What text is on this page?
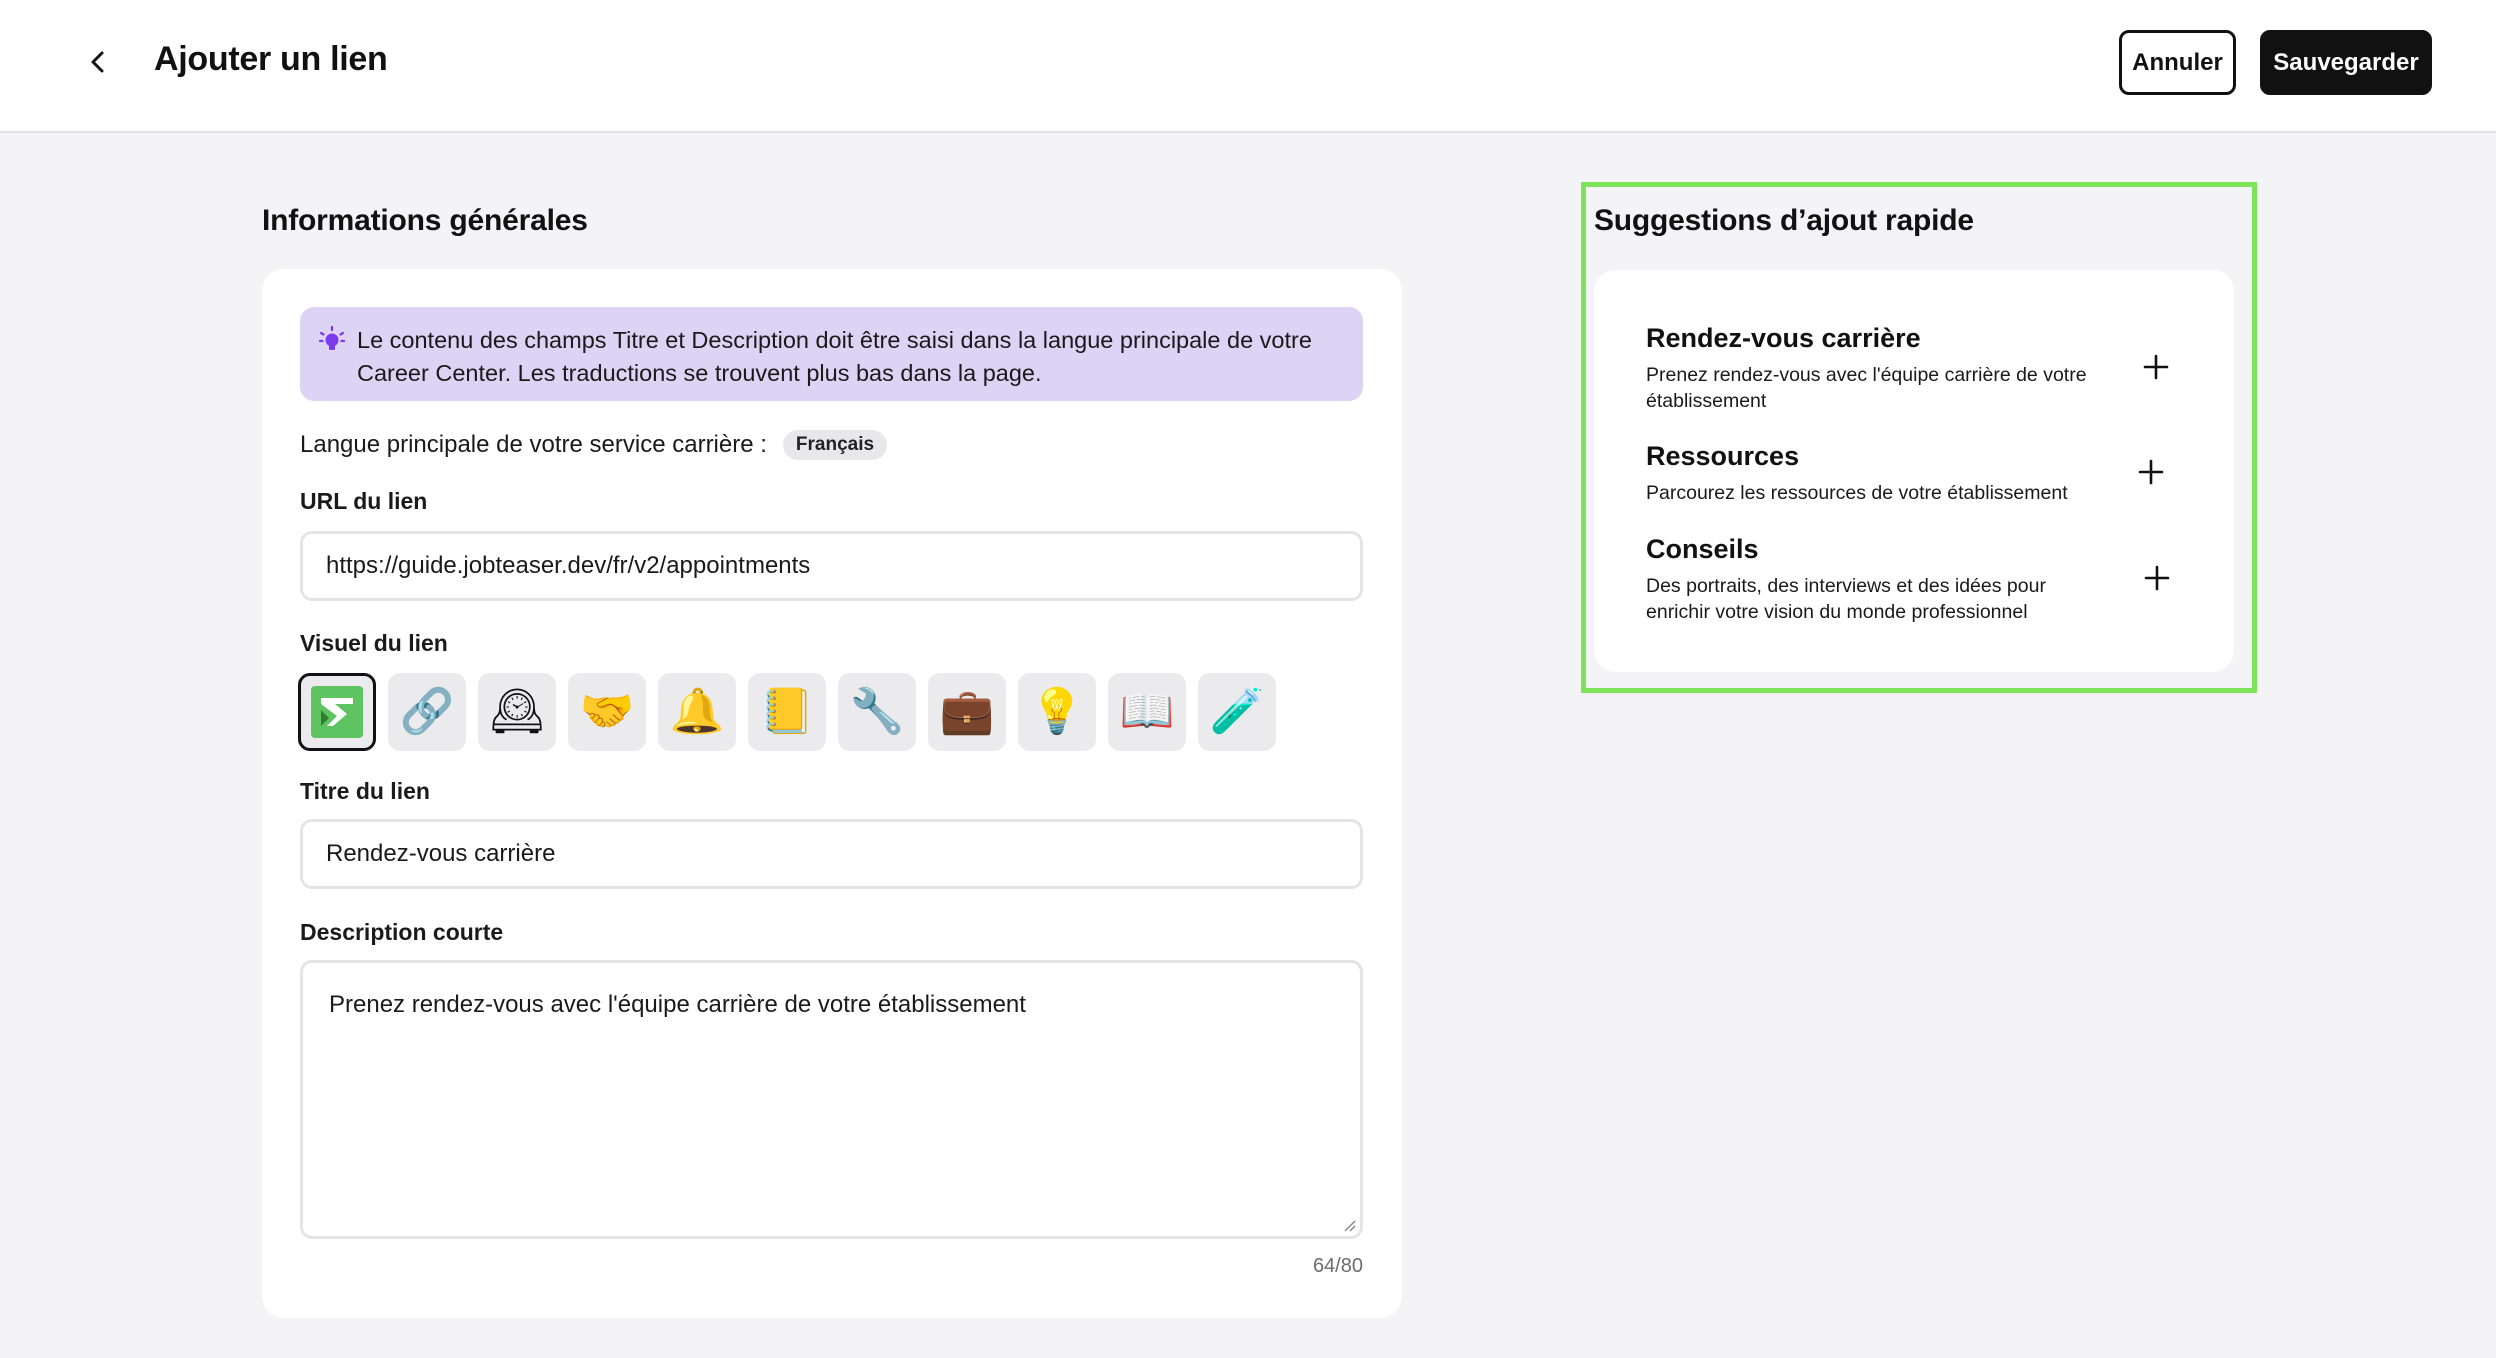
Ajouter un lien	Annuler	Sauvegarder
Informations générales
Le contenu des champs Titre et Description doit être saisi dans la langue principale de votre Career Center. Les traductions se trouvent plus bas dans la page.
Langue principale de votre service carrière :	Français
URL du lien
https://guide.jobteaser.dev/fr/v2/appointments
Visuel du lien
🔗 🕰 🤝 🔔 📒 🔧 💼 💡 📖 🧪
Titre du lien
Rendez-vous carrière
Description courte
Prenez rendez-vous avec l'équipe carrière de votre établissement
64/80
Suggestions d’ajout rapide
Rendez-vous carrière
Prenez rendez-vous avec l'équipe carrière de votre établissement
Ressources
Parcourez les ressources de votre établissement
Conseils
Des portraits, des interviews et des idées pour enrichir votre vision du monde professionnel
